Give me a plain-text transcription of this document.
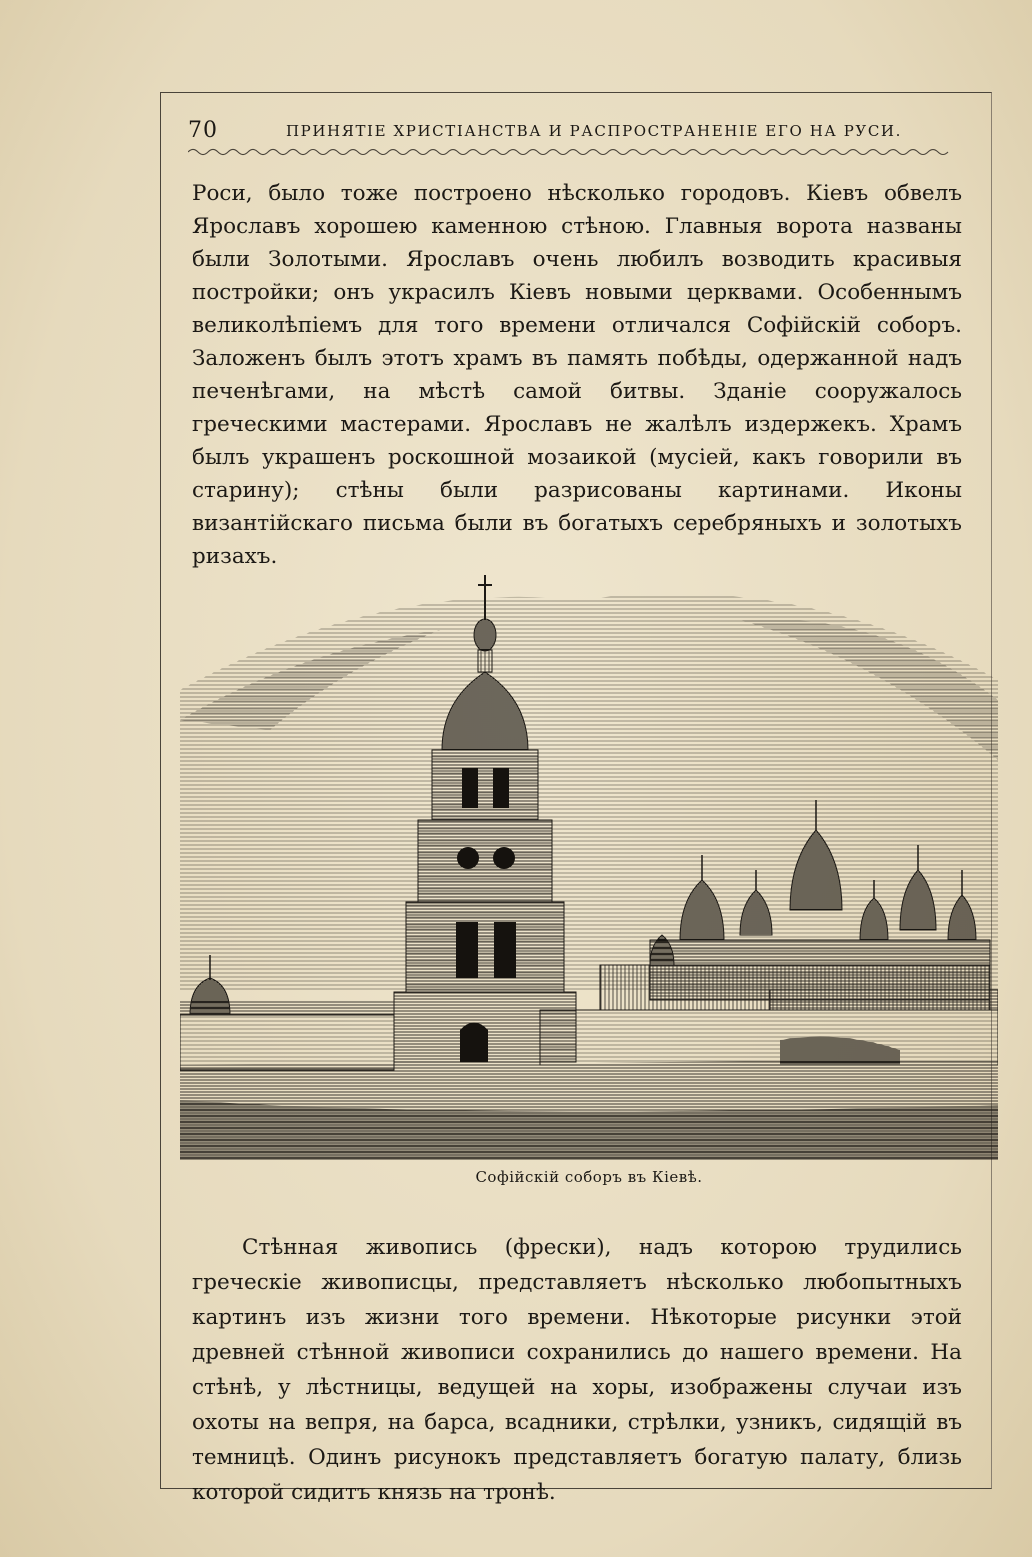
70	ПРИНЯТІЕ ХРИСТІАНСТВА И РАСПРОСТРАНЕНІЕ ЕГО НА РУСИ.

Роси, было тоже построено нѣсколько городовъ. Кіевъ обвелъ Ярославъ хорошею каменною стѣною. Главныя ворота названы были Золотыми. Ярославъ очень любилъ возводить красивыя постройки; онъ украсилъ Кіевъ новыми церквами. Особеннымъ великолѣпіемъ для того времени отличался Софійскій соборъ. Заложенъ былъ этотъ храмъ въ память побѣды, одержанной надъ печенѣгами, на мѣстѣ самой битвы. Зданіе сооружалось греческими мастерами. Ярославъ не жалѣлъ издержекъ. Храмъ былъ украшенъ роскошной мозаикой (мусіей, какъ говорили въ старину); стѣны были разрисованы картинами. Иконы византійскаго письма были въ богатыхъ серебряныхъ и золотыхъ ризахъ.

Софійскій соборъ въ Кіевѣ.

Стѣнная живопись (фрески), надъ которою трудились греческіе живописцы, представляетъ нѣсколько любопытныхъ картинъ изъ жизни того времени. Нѣкоторые рисунки этой древней стѣнной живописи сохранились до нашего времени. На стѣнѣ, у лѣстницы, ведущей на хоры, изображены случаи изъ охоты на вепря, на барса, всадники, стрѣлки, узникъ, сидящій въ темницѣ. Одинъ рисунокъ представляетъ богатую палату, близь которой сидитъ князь на тронѣ.
